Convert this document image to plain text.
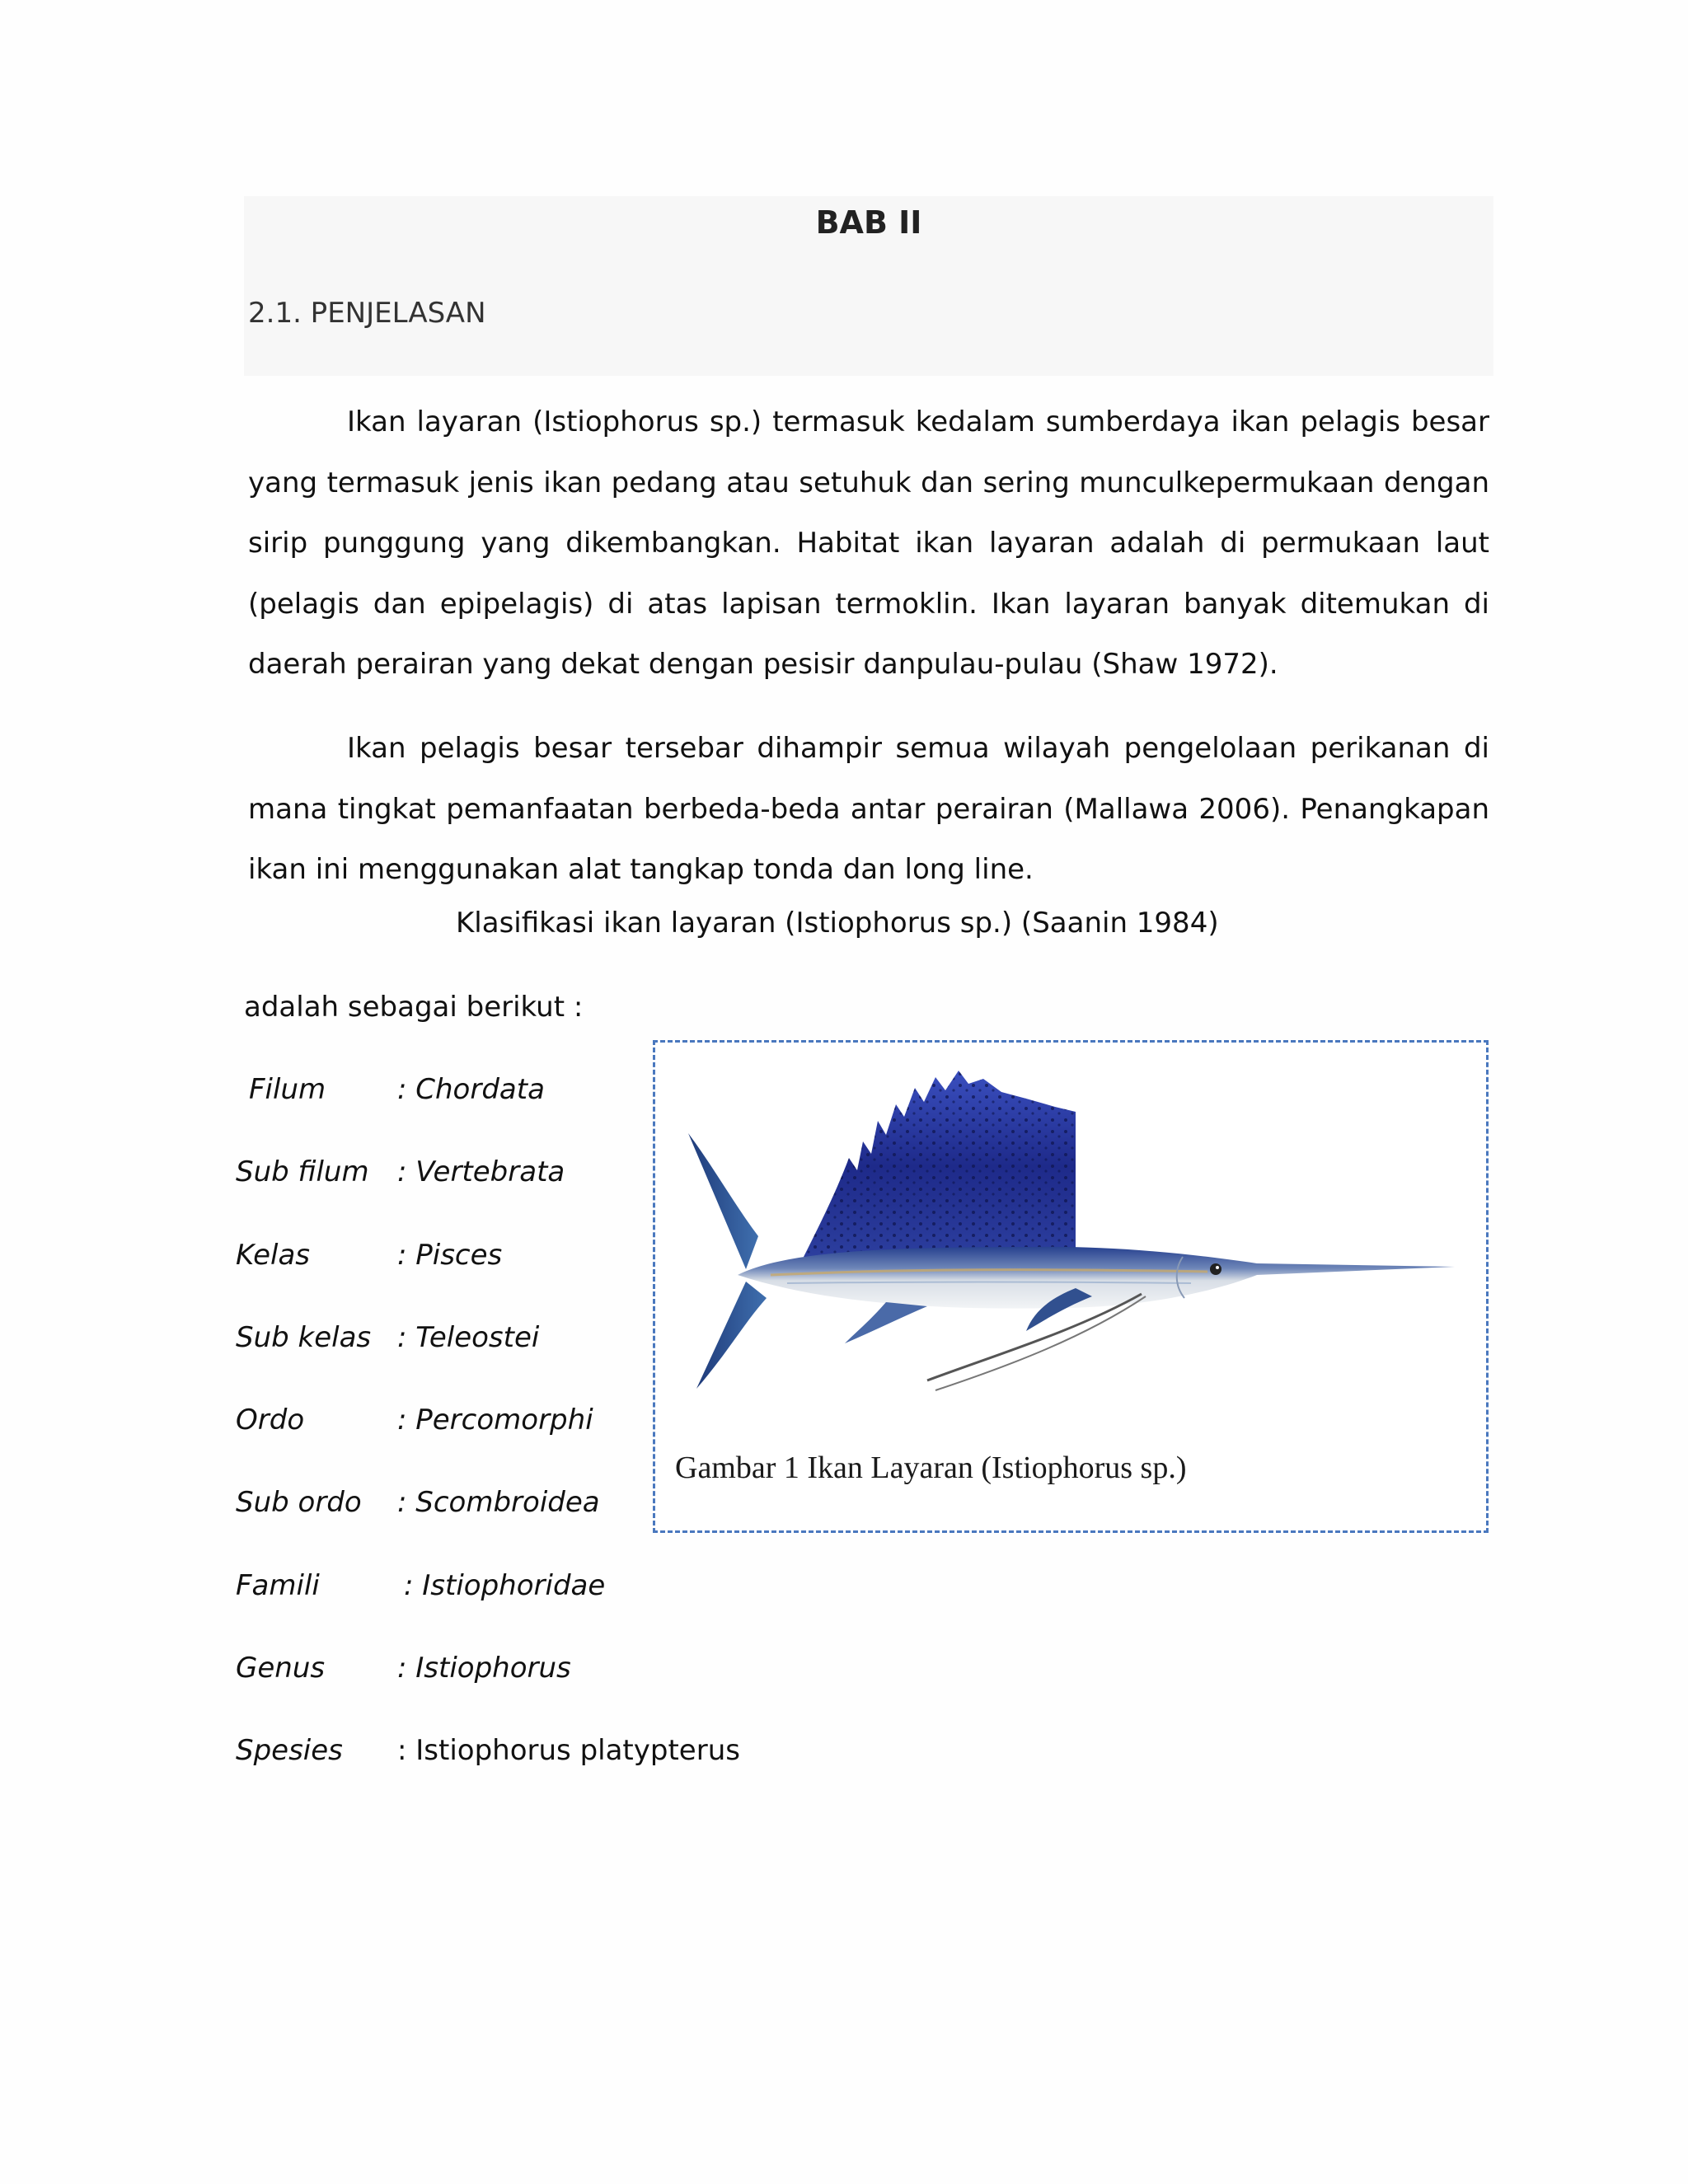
BAB II
2.1. PENJELASAN

Ikan layaran (Istiophorus sp.) termasuk kedalam sumberdaya ikan pelagis besar yang termasuk jenis ikan pedang atau setuhuk dan sering munculkepermukaan dengan sirip punggung yang dikembangkan. Habitat ikan layaran adalah di permukaan laut (pelagis dan epipelagis) di atas lapisan termoklin. Ikan layaran banyak ditemukan di daerah perairan yang dekat dengan pesisir danpulau-pulau (Shaw 1972).

Ikan pelagis besar tersebar dihampir semua wilayah pengelolaan perikanan di mana tingkat pemanfaatan berbeda-beda antar perairan (Mallawa 2006). Penangkapan ikan ini menggunakan alat tangkap tonda dan long line.

Klasifikasi ikan layaran (Istiophorus sp.) (Saanin 1984)
adalah sebagai berikut :
Filum	: Chordata
Sub filum : Vertebrata
Kelas	: Pisces
Sub kelas : Teleostei
Ordo	: Percomorphi
Sub ordo : Scombroidea
Famili	: Istiophoridae
Genus	: Istiophorus
Spesies : Istiophorus platypterus
Gambar 1 Ikan Layaran (Istiophorus sp.)
